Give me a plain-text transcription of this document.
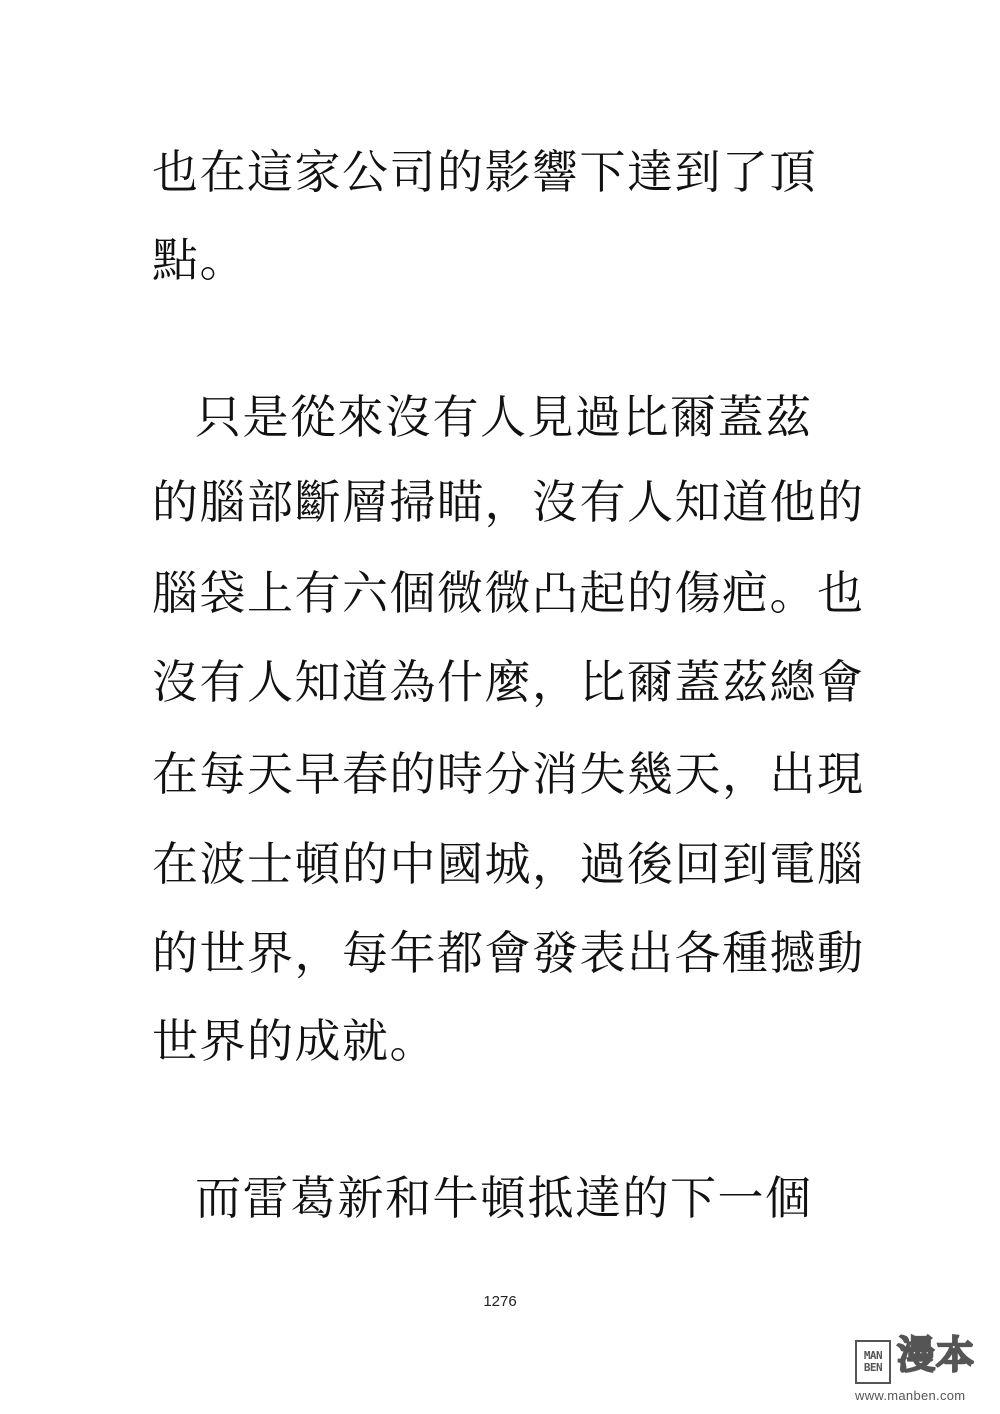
也在這家公司的影響下達到了頂
點。
只是從來沒有人見過比爾蓋茲
的腦部斷層掃瞄，沒有人知道他的
腦袋上有六個微微凸起的傷疤。也
沒有人知道為什麼，比爾蓋茲總會
在每天早春的時分消失幾天，出現
在波士頓的中國城，過後回到電腦
的世界，每年都會發表出各種撼動
世界的成就。
而雷葛新和牛頓抵達的下一個
1276
MAN
BEN 漫本
www.manben.com
